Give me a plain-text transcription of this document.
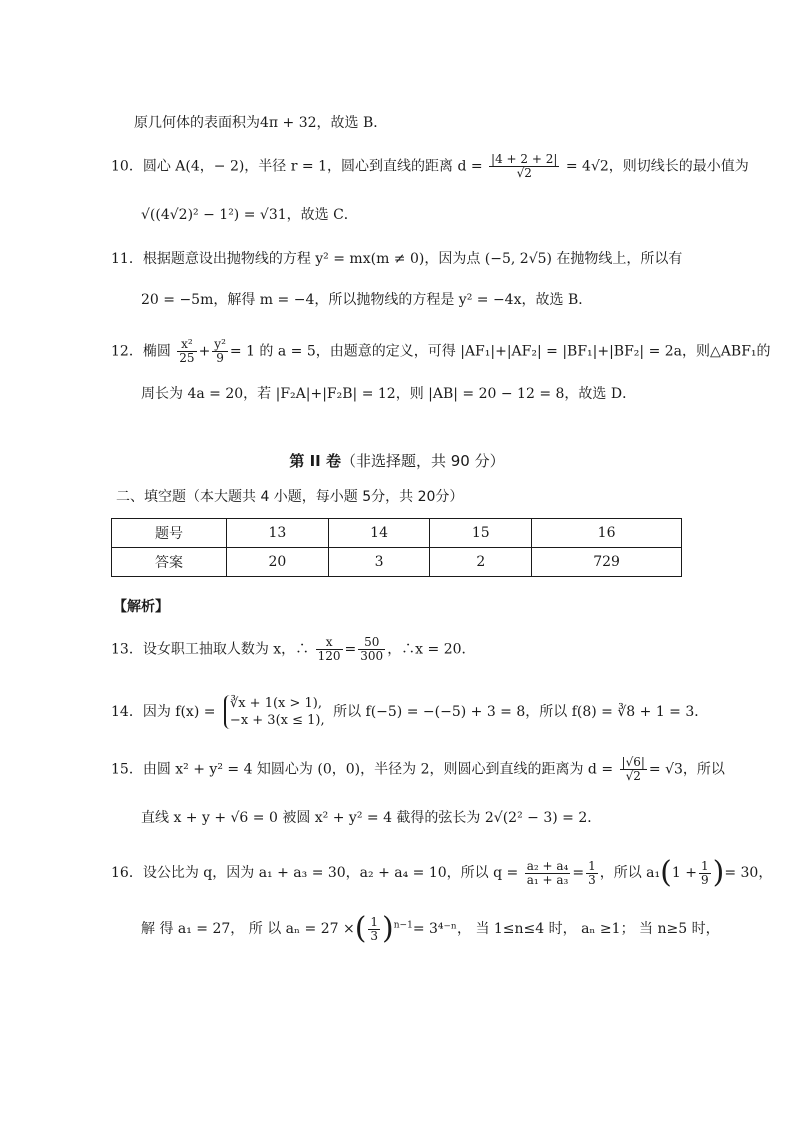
原几何体的表面积为4π + 32，故选 B．
10．圆心 A(4，− 2)，半径 r = 1，圆心到直线的距离 $d = \frac{|4 + 2 + 2|}{√2} = 4√2$，则切线长的最小值为
√((4√2)² − 1²) = √31，故选 C．
11．根据题意设出抛物线的方程 y² = mx(m ≠ 0)，因为点 (−5, 2√5) 在抛物线上，所以有
20 = −5m，解得 m = −4，所以抛物线的方程是 y² = −4x，故选 B．
12．椭圆 $\frac{\text{x²}}{25} + \frac{\text{y²}}{9} = 1$ 的 a = 5，由题意的定义，可得 |AF₁|+|AF₂| = |BF₁|+|BF₂| = 2a，则△ABF₁的
周长为 4a = 20，若 |F₂A|+|F₂B| = 12，则 |AB| = 20 − 12 = 8，故选 D．
第 II 卷（非选择题，共 90 分）
二、填空题（本大题共 4 小题，每小题 5分，共 20分）
题号	13	14	15	16
答案	20	3	2	729
【解析】
13．设女职工抽取人数为 x，∴ $\frac{x}{120} = \frac{50}{300}$ ，∴x = 20．
14．因为 f(x) =
∛x + 1(x > 1),
−x + 3(x ≤ 1),
所以 f(−5) = −(−5) + 3 = 8，所以 f(8) = ∛8 + 1 = 3．
15．由圆 x² + y² = 4 知圆心为 (0，0)，半径为 2，则圆心到直线的距离为 $d = \frac{|√6|}{√2} = √3$，所以
直线 x + y + √6 = 0 被圆 x² + y² = 4 截得的弦长为 2√(2² − 3) = 2．
16．设公比为 q，因为 a₁ + a₃ = 30，a₂ + a₄ = 10，所以 $q = \frac{\text{a₂ + a₄}}{\text{a₁ + a₃}} = \frac{1}{3}$ ，所以 $a_1(1 + \frac{1}{9}$ )= 30，
解 得 a₁ = 27， 所 以 aₙ = 27 ×( $\frac{1}{3} )^{n-1}= 3^{4-n}$， 当 1≤n≤4 时， aₙ ≥1； 当 n≥5 时，
